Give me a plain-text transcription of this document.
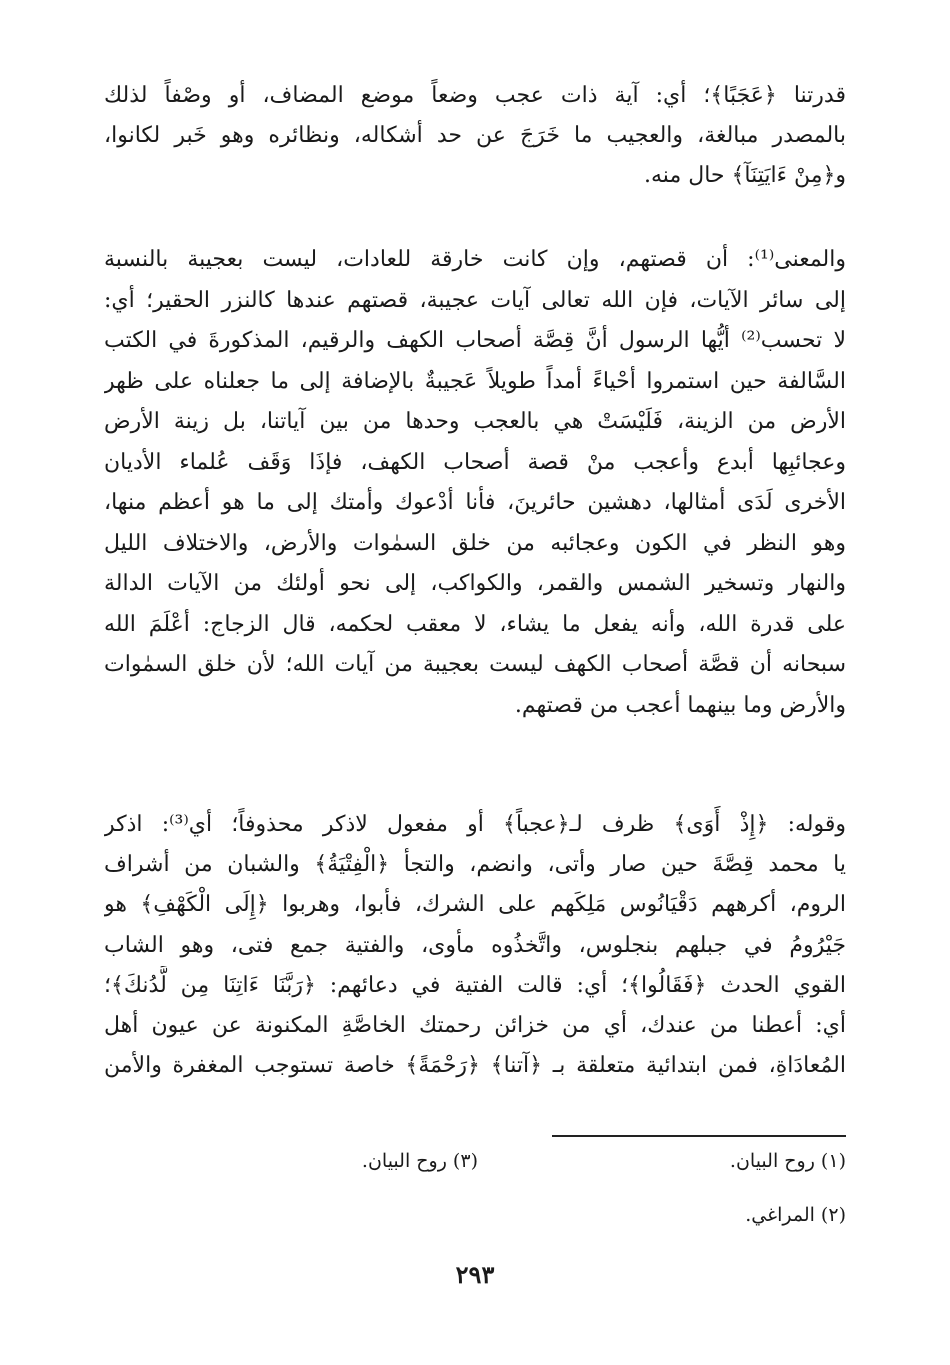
قدرتنا ﴿عَجَبًا﴾؛ أي: آية ذات عجب وضعاً موضع المضاف، أو وصْفاً لذلك
بالمصدر مبالغة، والعجيب ما خَرَجَ عن حد أشكاله، ونظائره وهو خَبر لكانوا،
و﴿مِنْ ءَايَتِنَآ﴾ حال منه.
والمعنى⁽¹⁾: أن قصتهم، وإن كانت خارقة للعادات، ليست بعجيبة بالنسبة
إلى سائر الآيات، فإن الله تعالى آيات عجيبة، قصتهم عندها كالنزر الحقير؛ أي:
لا تحسب⁽²⁾ أيُّها الرسول أنَّ قِصَّة أصحاب الكهف والرقيم، المذكورةَ في الكتب
السَّالفة حين استمروا أحْياءً أمداً طويلاً عَجيبةٌ بالإضافة إلى ما جعلناه على ظهر
الأرض من الزينة، فَلَيْسَتْ هي بالعجب وحدها من بين آياتنا، بل زينة الأرض
وعجائبِها أبدع وأعجب منْ قصة أصحاب الكهف، فإذَا وَقَف عُلماء الأديان
الأخرى لَدَى أمثالها، دهشين حائرينَ، فأنا أدْعوك وأمتك إلى ما هو أعظم منها،
وهو النظر في الكون وعجائبه من خلق السمٰوات والأرض، والاختلاف الليل
والنهار وتسخير الشمس والقمر، والكواكب، إلى نحو أولئك من الآيات الدالة
على قدرة الله، وأنه يفعل ما يشاء، لا معقب لحكمه، قال الزجاج: أعْلَمَ الله
سبحانه أن قصَّة أصحاب الكهف ليست بعجيبة من آيات الله؛ لأن خلق السمٰوات
والأرض وما بينهما أعجب من قصتهم.
وقوله: ﴿إِذْ أَوَى﴾ ظرف لـ﴿عجباً﴾ أو مفعول لاذكر محذوفاً؛ أي⁽³⁾: اذكر
يا محمد قِصَّةَ حين صار وأتى، وانضم، والتجأ ﴿الْفِتْيَةُ﴾ والشبان من أشراف
الروم، أكرههم دَقْيَانُوس مَلِكَهم على الشرك، فأبوا، وهربوا ﴿إِلَى الْكَهْفِ﴾ هو
جَيْرُومُ في جبلهم بنجلوس، واتَّخذُوه مأوى، والفتية جمع فتى، وهو الشاب
القوي الحدث ﴿فَقَالُوا﴾؛ أي: قالت الفتية في دعائهم: ﴿رَبَّنَا ءَاتِنَا مِن لَّدُنكَ﴾؛
أي: أعطنا من عندك، أي من خزائن رحمتك الخاصَّةِ المكنونة عن عيون أهل
المُعادَاةِ، فمن ابتدائية متعلقة بـ ﴿آتنا﴾ ﴿رَحْمَةً﴾ خاصة تستوجب المغفرة والأمن
(١) روح البيان.
(٣) روح البيان.
(٢) المراغي.
٢٩٣
